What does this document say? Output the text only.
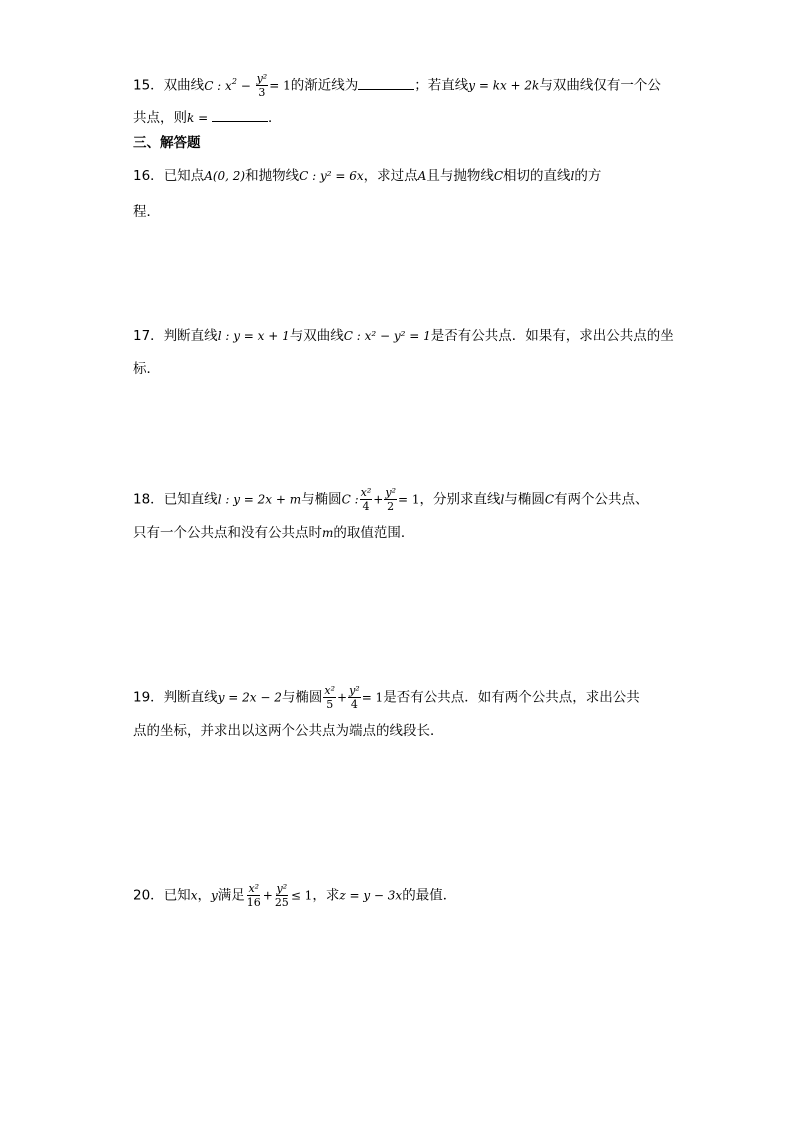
15．双曲线C : $x^2 - \frac{\text{y²}}{3} = 1$的渐近线为	；若直线y = kx + 2k与双曲线仅有一个公
共点，则k =	．
三、解答题
16．已知点A(0, 2)和抛物线C : y² = 6x，求过点A且与抛物线C相切的直线l的方
程．
17．判断直线l : y = x + 1与双曲线C : x² − y² = 1是否有公共点．如果有，求出公共点的坐
标．
18．已知直线l : y = 2x + m与椭圆C : $\frac{\text{x²}}{4} + \frac{\text{y²}}{2} = 1$，分别求直线l与椭圆C有两个公共点、
只有一个公共点和没有公共点时m的取值范围．
19．判断直线y = 2x − 2与椭圆 $\frac{\text{x²}}{5} + \frac{\text{y²}}{4} = 1$是否有公共点．如有两个公共点，求出公共
点的坐标，并求出以这两个公共点为端点的线段长．
20．已知x，y满足 $\frac{\text{x²}}{16} + \frac{\text{y²}}{25} \le 1$，求z = y − 3x的最值．
